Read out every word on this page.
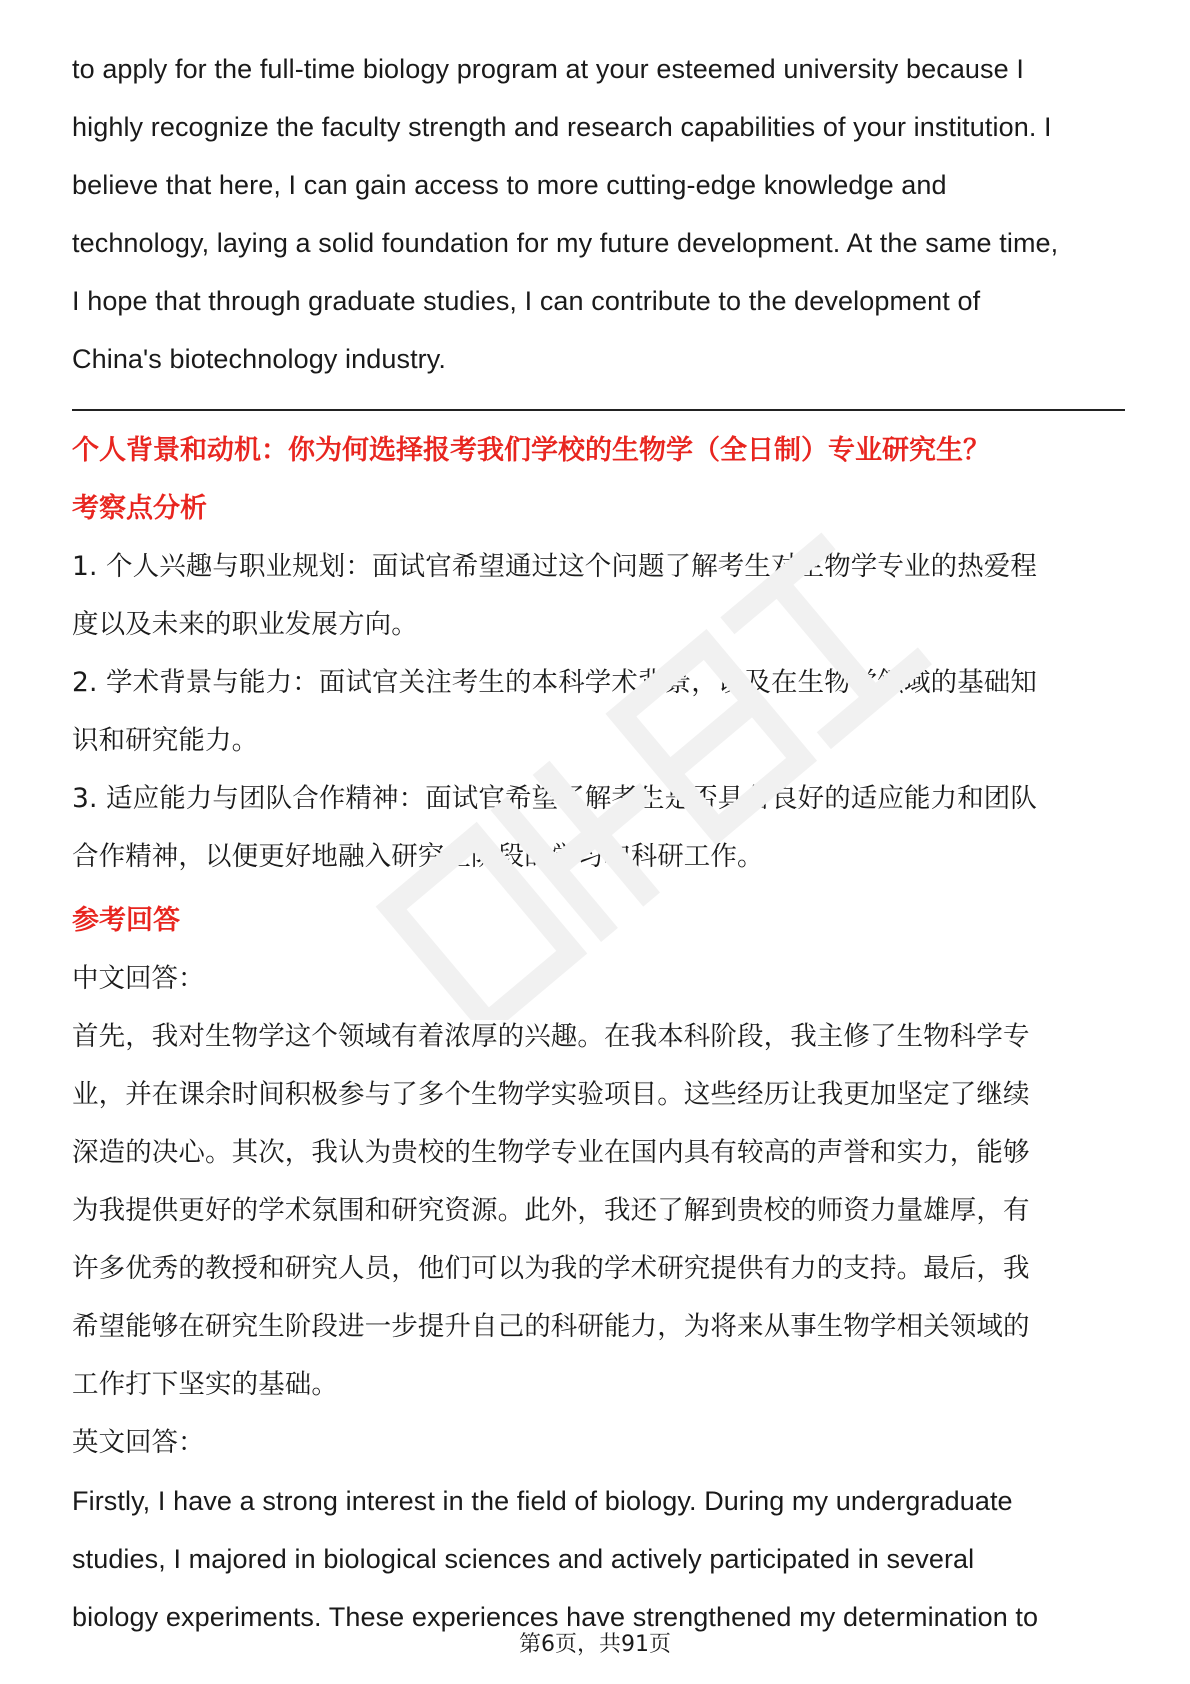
to apply for the full-time biology program at your esteemed university because I

highly recognize the faculty strength and research capabilities of your institution. I

believe that here, I can gain access to more cutting-edge knowledge and

technology, laying a solid foundation for my future development. At the same time,

I hope that through graduate studies, I can contribute to the development of

China's biotechnology industry.

个人背景和动机：你为何选择报考我们学校的生物学（全日制）专业研究生？

考察点分析

1. 个人兴趣与职业规划：面试官希望通过这个问题了解考生对生物学专业的热爱程

度以及未来的职业发展方向。

2. 学术背景与能力：面试官关注考生的本科学术背景，以及在生物学领域的基础知

识和研究能力。

3. 适应能力与团队合作精神：面试官希望了解考生是否具备良好的适应能力和团队

合作精神，以便更好地融入研究生阶段的学习和科研工作。

参考回答

中文回答：

首先，我对生物学这个领域有着浓厚的兴趣。在我本科阶段，我主修了生物科学专

业，并在课余时间积极参与了多个生物学实验项目。这些经历让我更加坚定了继续

深造的决心。其次，我认为贵校的生物学专业在国内具有较高的声誉和实力，能够

为我提供更好的学术氛围和研究资源。此外，我还了解到贵校的师资力量雄厚，有

许多优秀的教授和研究人员，他们可以为我的学术研究提供有力的支持。最后，我

希望能够在研究生阶段进一步提升自己的科研能力，为将来从事生物学相关领域的

工作打下坚实的基础。

英文回答：

Firstly, I have a strong interest in the field of biology. During my undergraduate

studies, I majored in biological sciences and actively participated in several

biology experiments. These experiences have strengthened my determination to

第6页，共91页
